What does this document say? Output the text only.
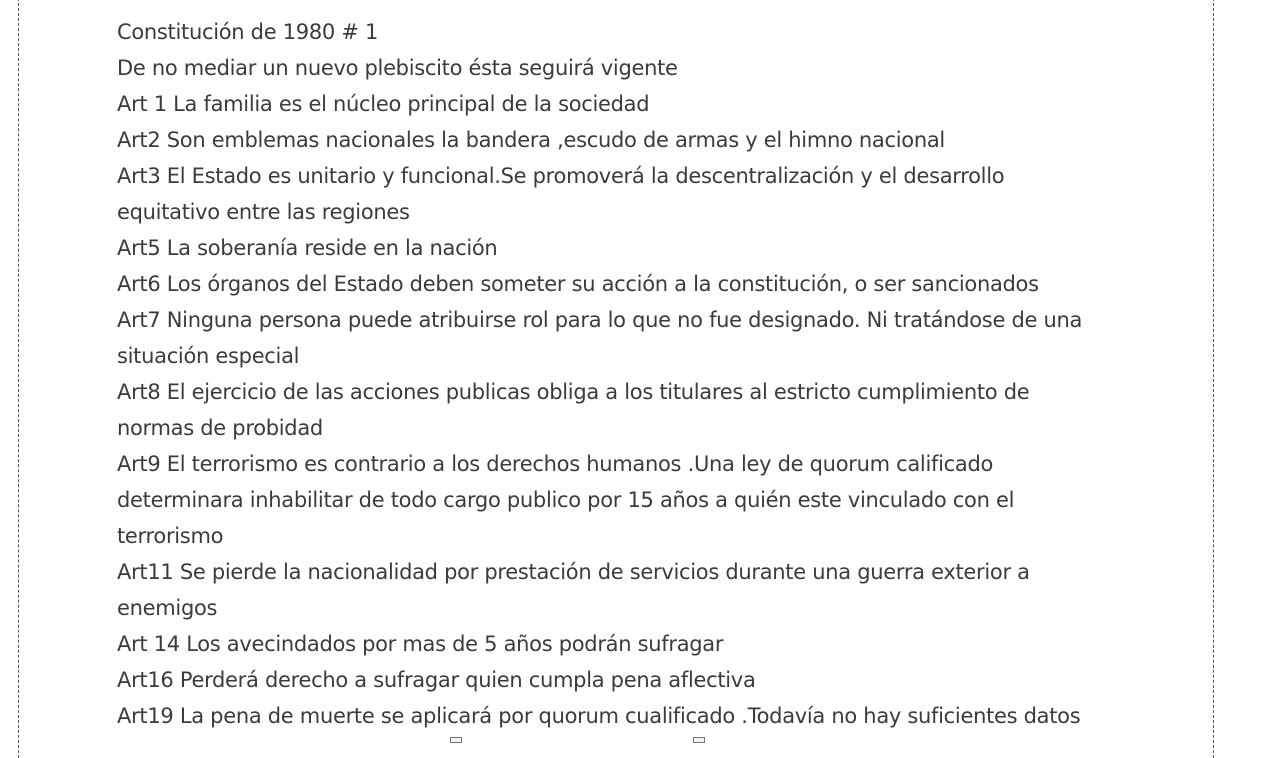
Constitución de 1980 # 1

De no mediar un nuevo plebiscito ésta seguirá vigente

Art 1 La familia es el núcleo principal de la sociedad

Art2 Son emblemas nacionales la bandera ,escudo de armas y el himno nacional

Art3 El Estado es unitario y funcional.Se promoverá la descentralización y el desarrollo

equitativo entre las regiones

Art5 La soberanía reside en la nación

Art6 Los órganos del Estado deben someter su acción a la constitución, o ser sancionados

Art7 Ninguna persona puede atribuirse rol para lo que no fue designado. Ni tratándose de una

situación especial

Art8 El ejercicio de las acciones publicas obliga a los titulares al estricto cumplimiento de

normas de probidad

Art9 El terrorismo es contrario a los derechos humanos .Una ley de quorum calificado

determinara inhabilitar de todo cargo publico por 15 años a quién este vinculado con el

terrorismo

Art11 Se pierde la nacionalidad por prestación de servicios durante una guerra exterior a

enemigos

Art 14 Los avecindados por mas de 5 años podrán sufragar

Art16 Perderá derecho a sufragar quien cumpla pena aflectiva

Art19 La pena de muerte se aplicará por quorum cualificado .Todavía no hay suficientes datos
